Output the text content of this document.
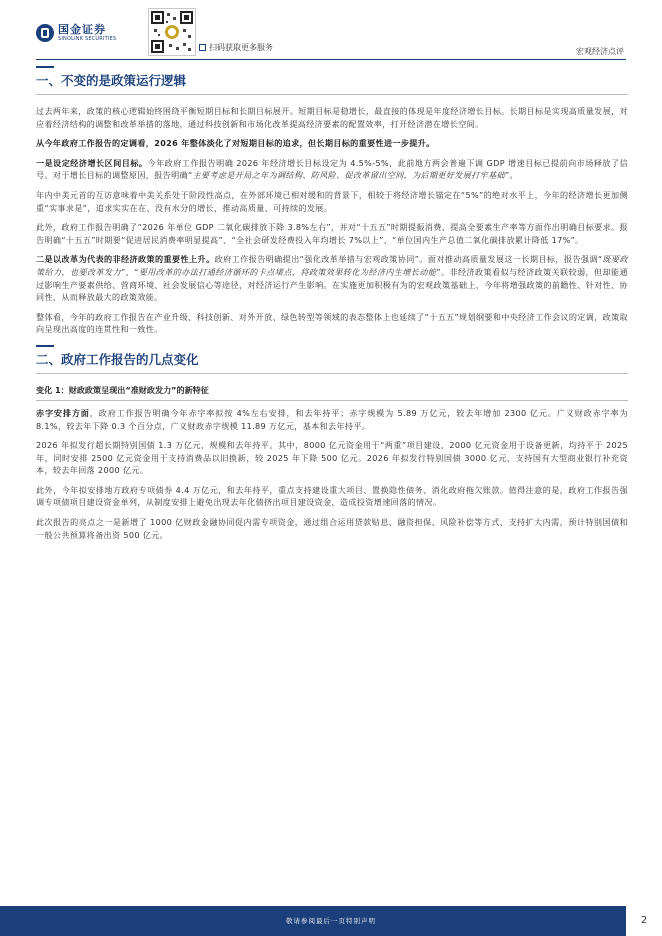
国金证券
SINOLINK SECURITIES
扫码获取更多服务	宏观经济点评
一、不变的是政策运行逻辑

过去两年来，政策的核心逻辑始终围绕平衡短期目标和长期目标展开。短期目标是稳增长，最直接的体现是年度经济增长目标。长期目标是实现高质量发展，对应着经济结构的调整和改革举措的落地，通过科技创新和市场化改革提高经济要素的配置效率，打开经济潜在增长空间。

从今年政府工作报告的定调看，2026 年整体淡化了对短期目标的追求，但长期目标的重要性进一步提升。

一是设定经济增长区间目标。今年政府工作报告明确 2026 年经济增长目标设定为 4.5%-5%，此前地方两会普遍下调 GDP 增速目标已提前向市场释放了信号。对于增长目标的调整原因，报告明确“主要考虑是开局之年为调结构、防风险、促改革留出空间，为后期更好发展打牢基础”。

年内中美元首的互访意味着中美关系处于阶段性高点，在外部环境已相对缓和的背景下，相较于将经济增长锚定在“5%”的绝对水平上，今年的经济增长更加侧重“实事求是”，追求实实在在、没有水分的增长，推动高质量、可持续的发展。

此外，政府工作报告明确了“2026 年单位 GDP 二氧化碳排放下降 3.8%左右”，并对“十五五”时期提振消费、提高全要素生产率等方面作出明确目标要求。报告明确“十五五”时期要“促进居民消费率明显提高”、“全社会研发经费投入年均增长 7%以上”、“单位国内生产总值二氧化碳排放累计降低 17%”。

二是以改革为代表的非经济政策的重要性上升。政府工作报告明确提出“强化改革举措与宏观政策协同”。面对推动高质量发展这一长期目标，报告强调“既要政策给力，也要改革发力”、“要用改革的办法打通经济循环的卡点堵点，将政策效果转化为经济内生增长动能”。非经济政策看似与经济政策关联较弱，但却能通过影响生产要素供给、营商环境、社会发展信心等途径，对经济运行产生影响。在实施更加积极有为的宏观政策基础上，今年将增强政策的前瞻性、针对性、协同性，从而释放最大的政策效能。

整体看，今年的政府工作报告在产业升级、科技创新、对外开放、绿色转型等领域的表态整体上也延续了“十五五”规划纲要和中央经济工作会议的定调，政策取向呈现出高度的连贯性和一致性。

二、政府工作报告的几点变化
变化 1：财政政策呈现出“准财政发力”的新特征

赤字安排方面，政府工作报告明确今年赤字率拟按 4%左右安排，和去年持平；赤字规模为 5.89 万亿元，较去年增加 2300 亿元。广义财政赤字率为 8.1%，较去年下降 0.3 个百分点，广义财政赤字规模 11.89 万亿元，基本和去年持平。

2026 年拟发行超长期特别国债 1.3 万亿元，规模和去年持平。其中，8000 亿元资金用于“两重”项目建设，2000 亿元资金用于设备更新，均持平于 2025 年，同时安排 2500 亿元资金用于支持消费品以旧换新，较 2025 年下降 500 亿元。2026 年拟发行特别国债 3000 亿元，支持国有大型商业银行补充资本，较去年回落 2000 亿元。

此外，今年拟安排地方政府专项债券 4.4 万亿元，和去年持平，重点支持建设重大项目、置换隐性债务、消化政府拖欠账款。值得注意的是，政府工作报告强调专项债项目建设资金单列，从制度安排上避免出现去年化债挤出项目建设资金，造成投资增速回落的情况。

此次报告的亮点之一是新增了 1000 亿财政金融协同促内需专项资金，通过组合运用贷款贴息、融资担保、风险补偿等方式，支持扩大内需，预计特别国债和一般公共预算将备出资 500 亿元。

敬请参阅最后一页特别声明	2
